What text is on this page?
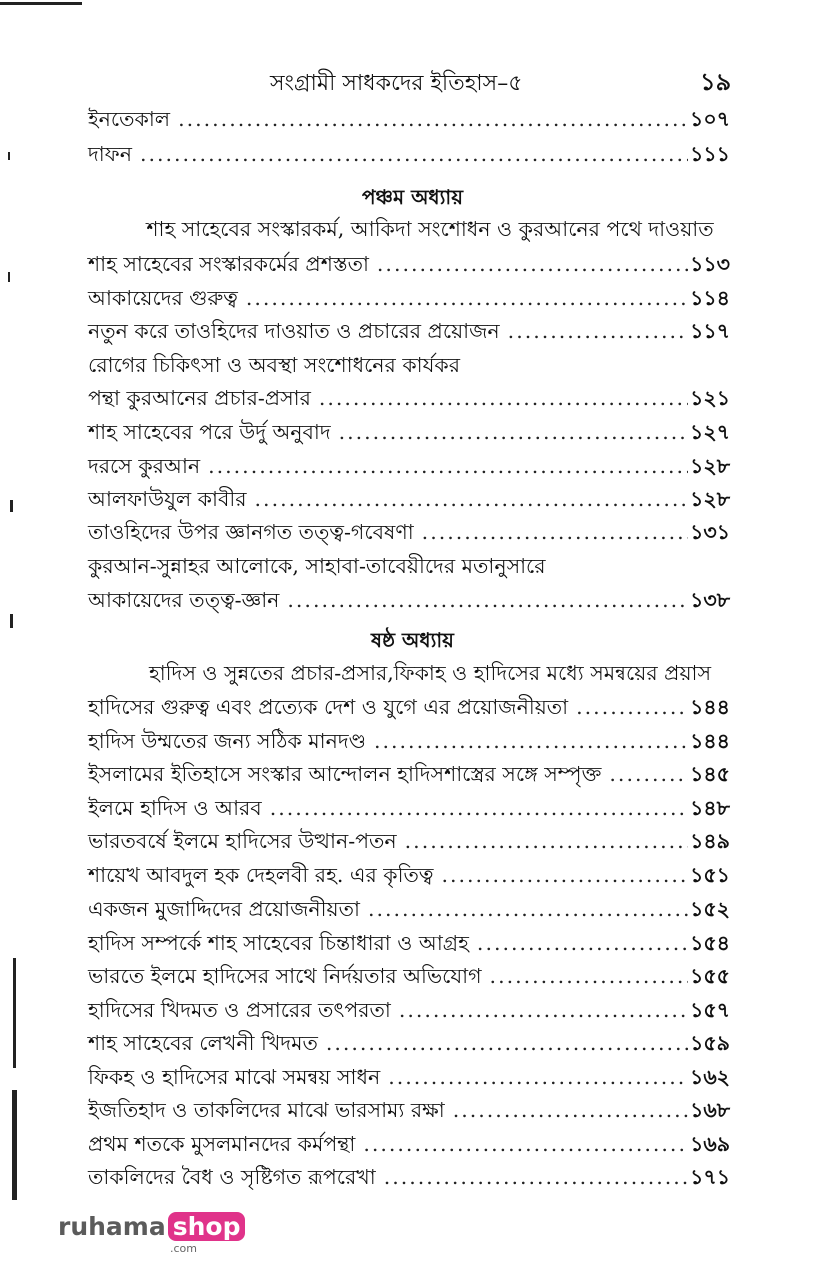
সংগ্রামী সাধকদের ইতিহাস–৫	১৯
ইনতেকাল .....	১০৭
দাফন .....	১১১
পঞ্চম অধ্যায়
শাহ সাহেবের সংস্কারকর্ম, আকিদা সংশোধন ও কুরআনের পথে দাওয়াত
শাহ সাহেবের সংস্কারকর্মের প্রশস্ততা .....	১১৩
আকায়েদের গুরুত্ব .....	১১৪
নতুন করে তাওহিদের দাওয়াত ও প্রচারের প্রয়োজন .....	১১৭
রোগের চিকিৎসা ও অবস্থা সংশোধনের কার্যকর
পন্থা কুরআনের প্রচার-প্রসার .....	১২১
শাহ সাহেবের পরে উর্দু অনুবাদ .....	১২৭
দরসে কুরআন .....	১২৮
আলফাউযুল কাবীর .....	১২৮
তাওহিদের উপর জ্ঞানগত তত্ত্ব-গবেষণা .....	১৩১
কুরআন-সুন্নাহর আলোকে, সাহাবা-তাবেয়ীদের মতানুসারে
আকায়েদের তত্ত্ব-জ্ঞান .....	১৩৮
ষষ্ঠ অধ্যায়
হাদিস ও সুন্নতের প্রচার-প্রসার,ফিকাহ ও হাদিসের মধ্যে সমন্বয়ের প্রয়াস
হাদিসের গুরুত্ব এবং প্রত্যেক দেশ ও যুগে এর প্রয়োজনীয়তা .....	১৪৪
হাদিস উম্মতের জন্য সঠিক মানদণ্ড .....	১৪৪
ইসলামের ইতিহাসে সংস্কার আন্দোলন হাদিসশাস্ত্রের সঙ্গে সম্পৃক্ত .....	১৪৫
ইলমে হাদিস ও আরব .....	১৪৮
ভারতবর্ষে ইলমে হাদিসের উত্থান-পতন .....	১৪৯
শায়েখ আবদুল হক দেহলবী রহ. এর কৃতিত্ব .....	১৫১
একজন মুজাদ্দিদের প্রয়োজনীয়তা .....	১৫২
হাদিস সম্পর্কে শাহ সাহেবের চিন্তাধারা ও আগ্রহ .....	১৫৪
ভারতে ইলমে হাদিসের সাথে নির্দয়তার অভিযোগ .....	১৫৫
হাদিসের খিদমত ও প্রসারের তৎপরতা .....	১৫৭
শাহ সাহেবের লেখনী খিদমত .....	১৫৯
ফিকহ ও হাদিসের মাঝে সমন্বয় সাধন .....	১৬২
ইজতিহাদ ও তাকলিদের মাঝে ভারসাম্য রক্ষা .....	১৬৮
প্রথম শতকে মুসলমানদের কর্মপন্থা .....	১৬৯
তাকলিদের বৈধ ও সৃষ্টিগত রূপরেখা .....	১৭১
ruhama shop
.com
